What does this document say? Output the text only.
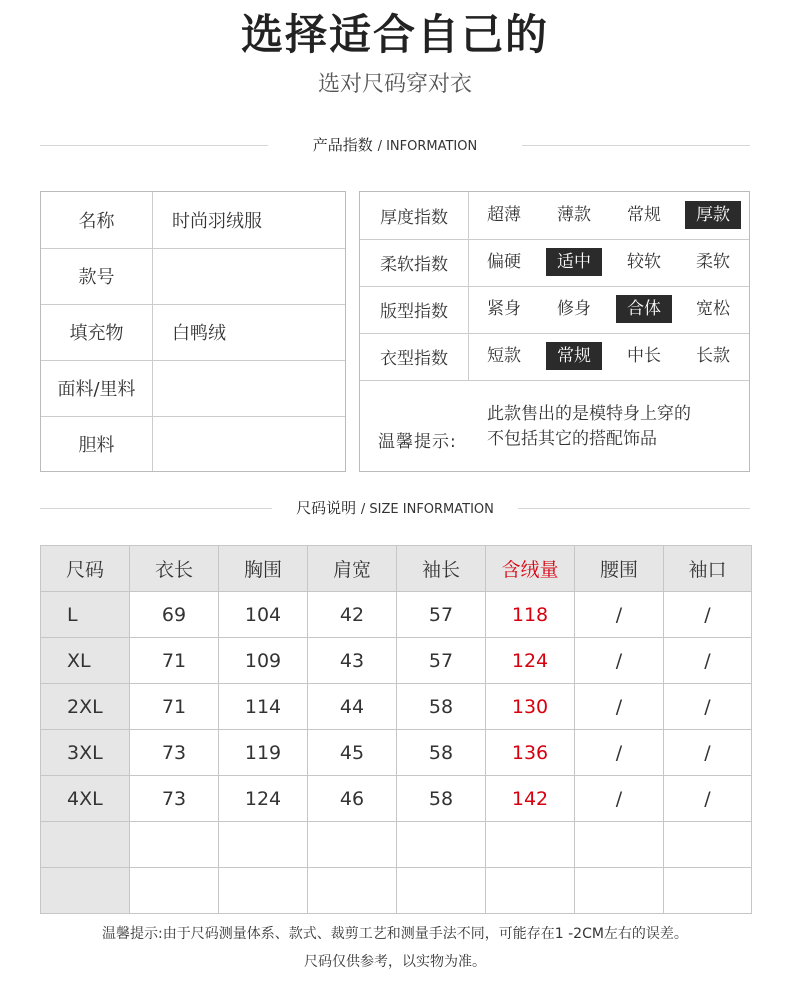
选择适合自己的
选对尺码穿对衣
产品指数 / INFORMATION
名称	时尚羽绒服
款号
填充物	白鸭绒
面料/里料
胆料
厚度指数	超薄	薄款	常规	厚款
柔软指数	偏硬	适中	较软	柔软
版型指数	紧身	修身	合体	宽松
衣型指数	短款	常规	中长	长款
温馨提示:
此款售出的是模特身上穿的
不包括其它的搭配饰品
尺码说明 / SIZE INFORMATION
尺码	衣长	胸围	肩宽	袖长	含绒量	腰围	袖口
L	69	104	42	57	118	/	/
XL	71	109	43	57	124	/	/
2XL	71	114	44	58	130	/	/
3XL	73	119	45	58	136	/	/
4XL	73	124	46	58	142	/	/

温馨提示:由于尺码测量体系、款式、裁剪工艺和测量手法不同，可能存在1 -2CM左右的误差。
尺码仅供参考，以实物为准。
